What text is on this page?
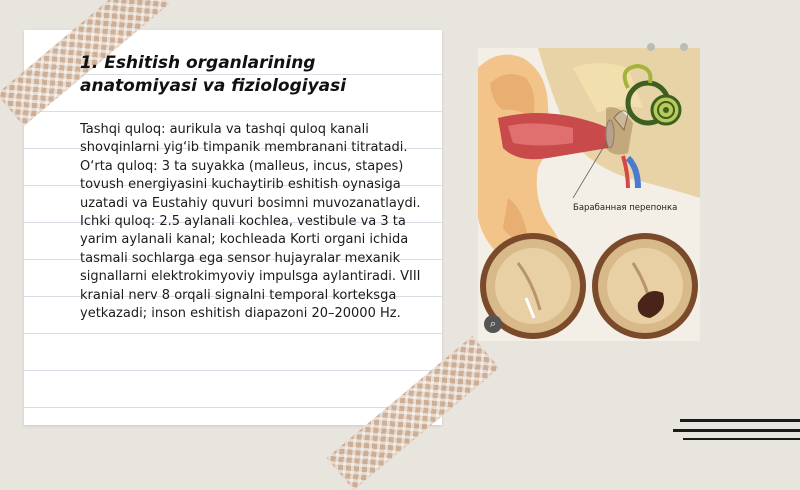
1. Eshitish organlarining anatomiyasi va fiziologiyasi

Tashqi quloq: aurikula va tashqi quloq kanali shovqinlarni yig‘ib timpanik membranani titratadi. O‘rta quloq: 3 ta suyakka (malleus, incus, stapes) tovush energiyasini kuchaytirib eshitish oynasiga uzatadi va Eustahiy quvuri bosimni muvozanatlaydi. Ichki quloq: 2.5 aylanali kochlea, vestibule va 3 ta yarim aylanali kanal; kochleada Korti organi ichida tasmali sochlarga ega sensor hujayralar mexanik signallarni elektrokimyoviy impulsga aylantiradi. VIII kranial nerv 8 orqali signalni temporal korteksga yetkazadi; inson eshitish diapazoni 20–20000 Hz.

Барабанная перепонка
⌕
